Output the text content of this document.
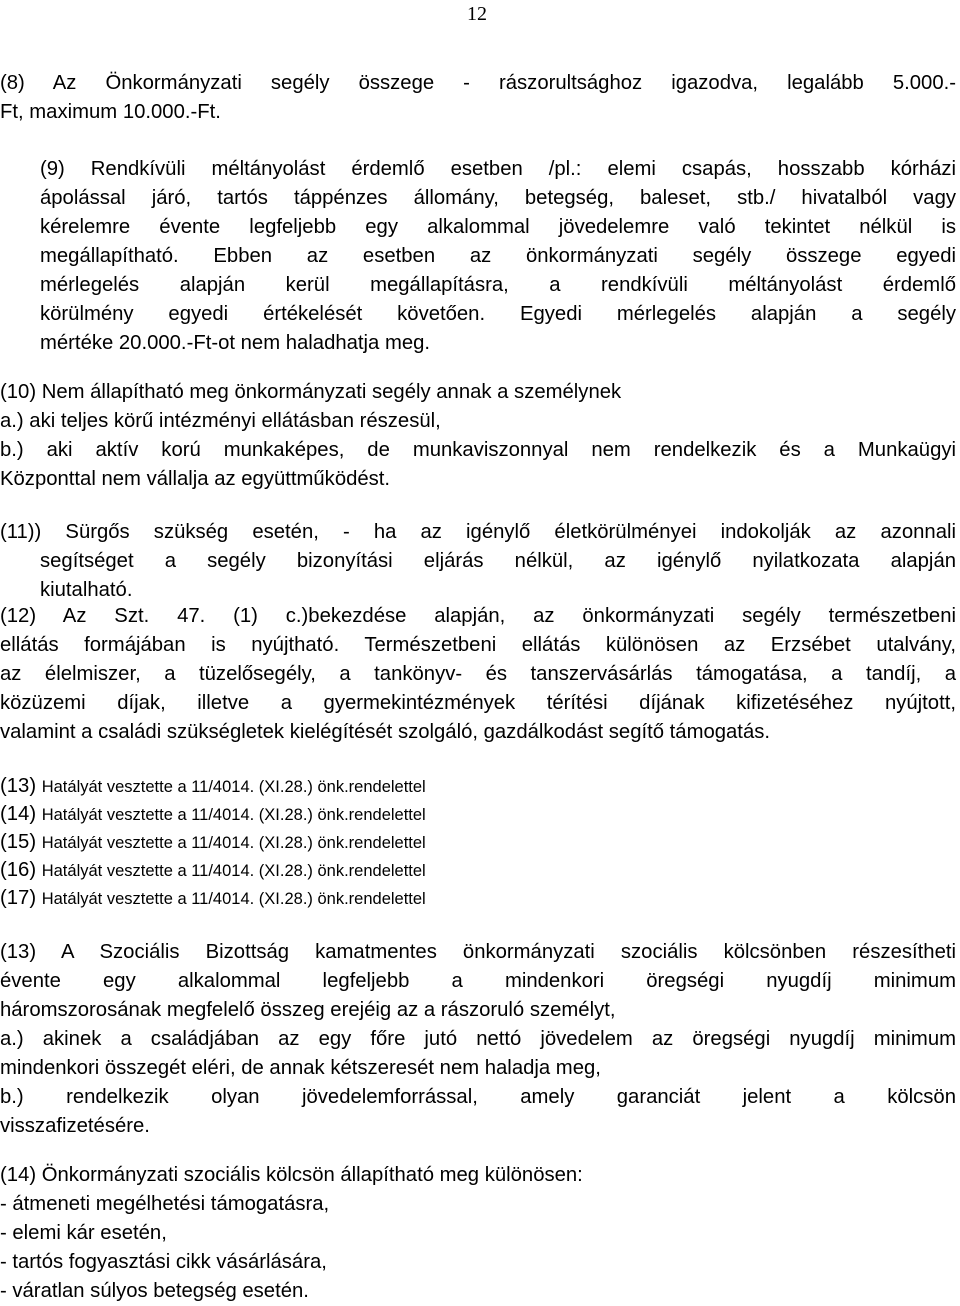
12
(8) Az Önkormányzati segély összege - rászorultsághoz igazodva, legalább 5.000.-
Ft, maximum 10.000.-Ft.
(9) Rendkívüli méltányolást érdemlő esetben /pl.: elemi csapás, hosszabb kórházi
ápolással járó, tartós táppénzes állomány, betegség, baleset, stb./ hivatalból vagy
kérelemre évente legfeljebb egy alkalommal jövedelemre való tekintet nélkül is
megállapítható. Ebben az esetben az önkormányzati segély összege egyedi
mérlegelés alapján kerül megállapításra, a rendkívüli méltányolást érdemlő
körülmény egyedi értékelését követően. Egyedi mérlegelés alapján a segély
mértéke 20.000.-Ft-ot nem haladhatja meg.
(10) Nem állapítható meg önkormányzati segély annak a személynek
a.) aki teljes körű intézményi ellátásban részesül,
b.) aki aktív korú munkaképes, de munkaviszonnyal nem rendelkezik és a Munkaügyi
Központtal nem vállalja az együttműködést.
(11)) Sürgős szükség esetén, - ha az igénylő életkörülményei indokolják az azonnali
segítséget a segély bizonyítási eljárás nélkül, az igénylő nyilatkozata alapján
kiutalható.
(12) Az Szt. 47. (1) c.)bekezdése alapján, az önkormányzati segély természetbeni
ellátás formájában is nyújtható. Természetbeni ellátás különösen az Erzsébet utalvány,
az élelmiszer, a tüzelősegély, a tankönyv- és tanszervásárlás támogatása, a tandíj, a
közüzemi díjak, illetve a gyermekintézmények térítési díjának kifizetéséhez nyújtott,
valamint a családi szükségletek kielégítését szolgáló, gazdálkodást segítő támogatás.
(13) Hatályát vesztette a 11/4014. (XI.28.) önk.rendelettel
(14) Hatályát vesztette a 11/4014. (XI.28.) önk.rendelettel
(15) Hatályát vesztette a 11/4014. (XI.28.) önk.rendelettel
(16) Hatályát vesztette a 11/4014. (XI.28.) önk.rendelettel
(17) Hatályát vesztette a 11/4014. (XI.28.) önk.rendelettel
(13) A Szociális Bizottság kamatmentes önkormányzati szociális kölcsönben részesítheti
évente egy alkalommal legfeljebb a mindenkori öregségi nyugdíj minimum
háromszorosának megfelelő összeg erejéig az a rászoruló személyt,
a.) akinek a családjában az egy főre jutó nettó jövedelem az öregségi nyugdíj minimum
mindenkori összegét eléri, de annak kétszeresét nem haladja meg,
b.) rendelkezik olyan jövedelemforrással, amely garanciát jelent a kölcsön
visszafizetésére.
(14) Önkormányzati szociális kölcsön állapítható meg különösen:
- átmeneti megélhetési támogatásra,
- elemi kár esetén,
- tartós fogyasztási cikk vásárlására,
- váratlan súlyos betegség esetén.
